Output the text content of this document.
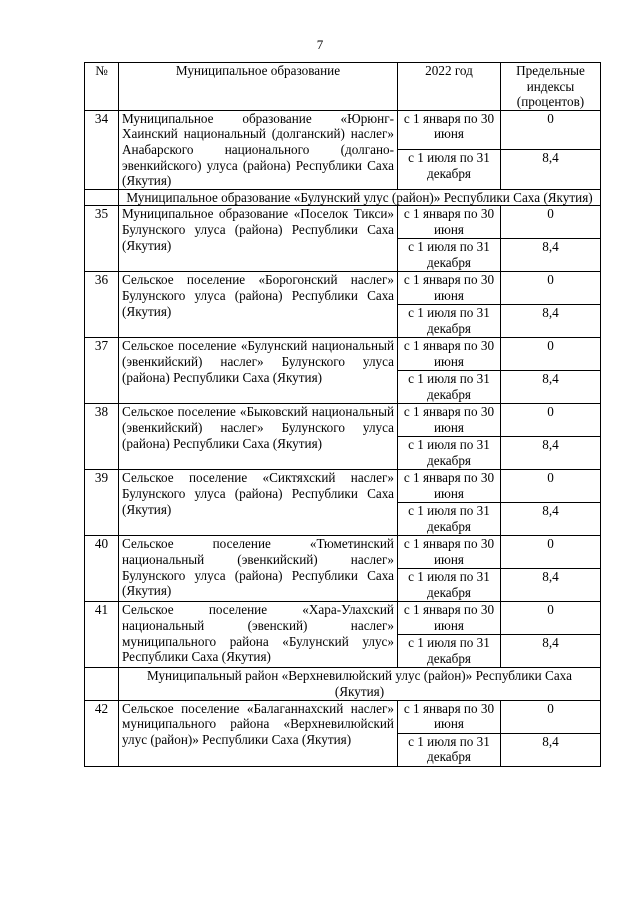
7
№	Муниципальное образование	2022 год	Предельные индексы (процентов)
34	Муниципальное образование «Юрюнг-Хаинский национальный (долганский) наслег» Анабарского национального (долгано-эвенкийского) улуса (района) Республики Саха (Якутия)	с 1 января по 30 июня	0
		с 1 июля по 31 декабря	8,4
	Муниципальное образование «Булунский улус (район)» Республики Саха (Якутия)		
35	Муниципальное образование «Поселок Тикси» Булунского улуса (района) Республики Саха (Якутия)	с 1 января по 30 июня	0
		с 1 июля по 31 декабря	8,4
36	Сельское поселение «Борогонский наслег» Булунского улуса (района) Республики Саха (Якутия)	с 1 января по 30 июня	0
		с 1 июля по 31 декабря	8,4
37	Сельское поселение «Булунский национальный (эвенкийский) наслег» Булунского улуса (района) Республики Саха (Якутия)	с 1 января по 30 июня	0
		с 1 июля по 31 декабря	8,4
38	Сельское поселение «Быковский национальный (эвенкийский) наслег» Булунского улуса (района) Республики Саха (Якутия)	с 1 января по 30 июня	0
		с 1 июля по 31 декабря	8,4
39	Сельское поселение «Сиктяхский наслег» Булунского улуса (района) Республики Саха (Якутия)	с 1 января по 30 июня	0
		с 1 июля по 31 декабря	8,4
40	Сельское поселение «Тюметинский национальный (эвенкийский) наслег» Булунского улуса (района) Республики Саха (Якутия)	с 1 января по 30 июня	0
		с 1 июля по 31 декабря	8,4
41	Сельское поселение «Хара-Улахский национальный (эвенский) наслег» муниципального района «Булунский улус» Республики Саха (Якутия)	с 1 января по 30 июня	0
		с 1 июля по 31 декабря	8,4
	Муниципальный район «Верхневилюйский улус (район)» Республики Саха (Якутия)		
42	Сельское поселение «Балаганнахский наслег» муниципального района «Верхневилюйский улус (район)» Республики Саха (Якутия)	с 1 января по 30 июня	0
		с 1 июля по 31 декабря	8,4
